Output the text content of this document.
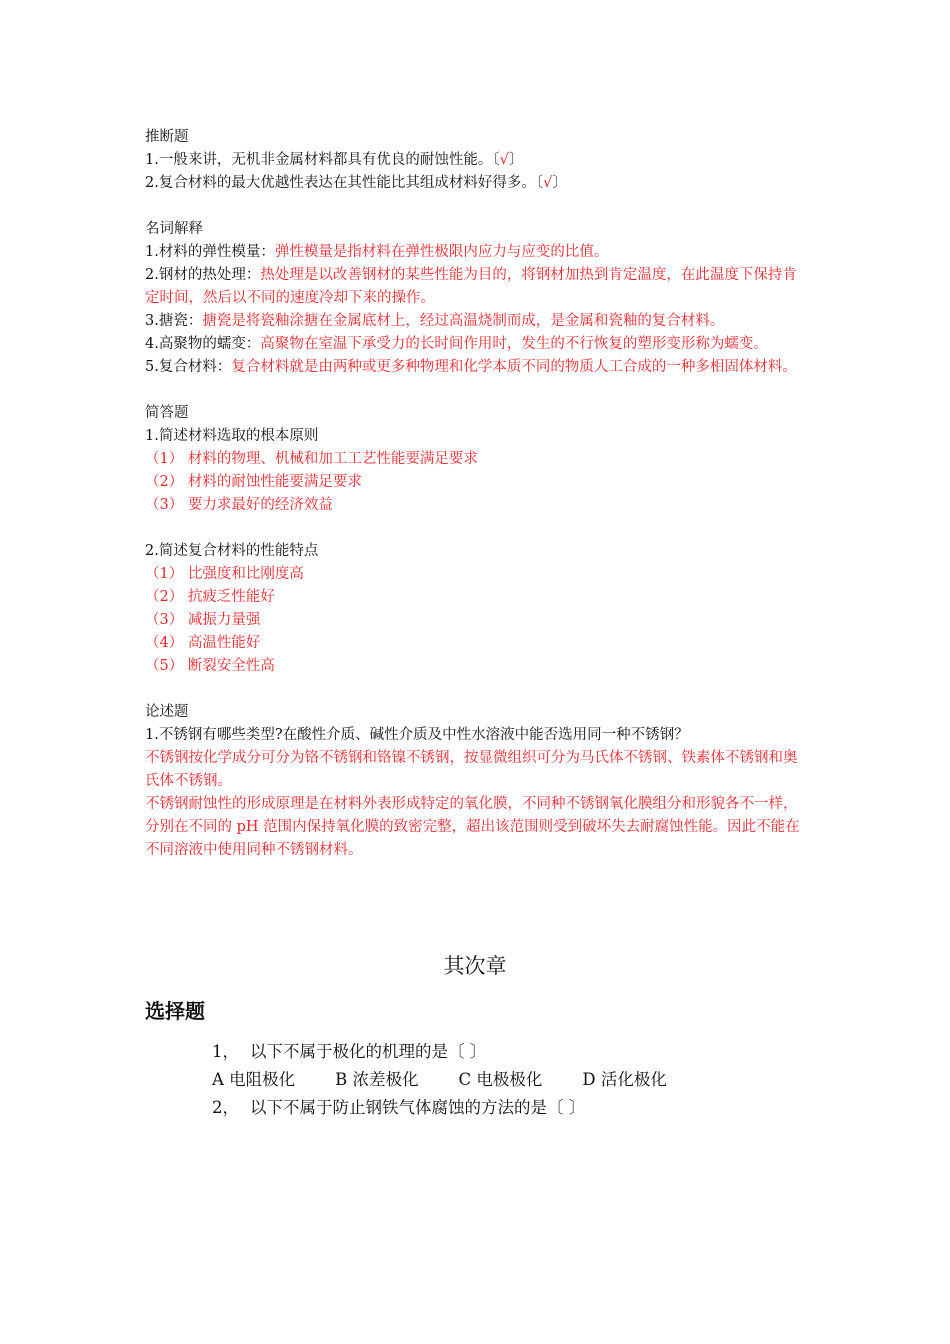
推断题

1.一般来讲，无机非金属材料都具有优良的耐蚀性能。〔√〕

2.复合材料的最大优越性表达在其性能比其组成材料好得多。〔√〕

名词解释

1.材料的弹性模量：弹性模量是指材料在弹性极限内应力与应变的比值。

2.钢材的热处理：热处理是以改善钢材的某些性能为目的，将钢材加热到肯定温度，在此温度下保持肯定时间，然后以不同的速度冷却下来的操作。

3.搪瓷：搪瓷是将瓷釉涂搪在金属底材上，经过高温烧制而成，是金属和瓷釉的复合材料。

4.高聚物的蠕变：高聚物在室温下承受力的长时间作用时，发生的不行恢复的塑形变形称为蠕变。

5.复合材料：复合材料就是由两种或更多种物理和化学本质不同的物质人工合成的一种多相固体材料。

简答题

1.简述材料选取的根本原则

（1） 材料的物理、机械和加工工艺性能要满足要求

（2） 材料的耐蚀性能要满足要求

（3） 要力求最好的经济效益

2.简述复合材料的性能特点

（1） 比强度和比刚度高

（2） 抗疲乏性能好

（3） 减振力量强

（4） 高温性能好

（5） 断裂安全性高

论述题

1.不锈钢有哪些类型?在酸性介质、碱性介质及中性水溶液中能否选用同一种不锈钢？

不锈钢按化学成分可分为铬不锈钢和铬镍不锈钢，按显微组织可分为马氏体不锈钢、铁素体不锈钢和奥氏体不锈钢。

不锈钢耐蚀性的形成原理是在材料外表形成特定的氧化膜，不同种不锈钢氧化膜组分和形貌各不一样，分别在不同的 pH 范围内保持氧化膜的致密完整，超出该范围则受到破坏失去耐腐蚀性能。因此不能在不同溶液中使用同种不锈钢材料。

其次章
选择题

1， 以下不属于极化的机理的是〔 〕

A 电阻极化 B 浓差极化 C 电极极化 D 活化极化

2， 以下不属于防止钢铁气体腐蚀的方法的是〔 〕
